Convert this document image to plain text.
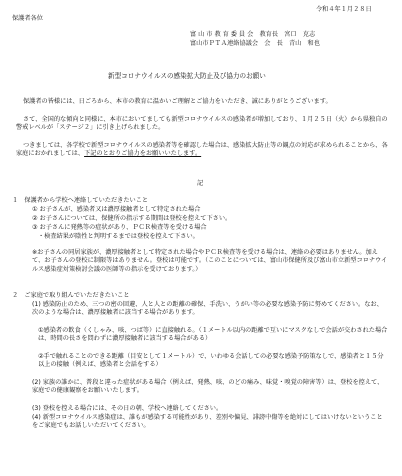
令和４年１月２８日
保護者各位
富 山 市 教 育 委 員 会　教育長　宮口　克志
富山市ＰＴＡ連絡協議会　会　長　青山　和也
新型コロナウイルスの感染拡大防止及び協力のお願い
保護者の皆様には、日ごろから、本市の教育に温かいご理解とご協力をいただき、誠にありがとうございます。
さて、全国的な傾向と同様に、本市においてましても新型コロナウイルスの感染者が増加しており、１月２５日（火）から県独自の警戒レベルが「ステージ２」に引き上げられました。
つきましては、各学校で新型コロナウイルスの感染者等を確認した場合は、感染拡大防止等の観点の対応が求められることから、各家庭におかれましては、下記のとおりご協力をお願いいたします。
記
１　保護者から学校へ連絡していただきたいこと
① お子さんが、感染者又は濃厚接触者として特定された場合
② お子さんについては、保健所の指示する期間は登校を控えて下さい。
③ お子さんに発熱等の症状があり、ＰＣＲ検査等を受ける場合
・検査結果が陰性と判明するまでは登校を控えて下さい。
※お子さんの同居家族が、濃厚接触者として特定された場合やＰＣＲ検査等を受ける場合は、連絡の必要はありません。加えて、お子さんの登校に制限等はありません。登校は可能です。（このことについては、富山市保健所及び富山市立新型コロナウイルス感染症対策検討会議の医師等の指示を受けております。）
２　ご家庭で取り組んでいただきたいこと
(1) 感染防止のため、三つの密の回避、人と人との距離の確保、手洗い、うがい等の必要な感染予防に努めてください。なお、次のような場合は、濃厚接触者に該当する場合があります。
①感染者の飲食（くしゃみ、咳、つば等）に直接触れる。（１メートル以内の距離で互いにマスクなしで会話が交わされた場合は、時間の長さを問わずに濃厚接触者に該当する場合がある）
②手で触れることのできる距離（目安として１メートル）で、いわゆる会話しての必要な感染予防策なしで、感染者と１５分以上の接触（例えば、感染者と会話をする）
(2) 家族の誰かに、普段と違った症状がある場合（例えば、発熱、咳、のどの痛み、味覚・嗅覚の障害等）は、登校を控えて、家庭での健康観察をお願いいたします。
(3) 登校を控える場合には、その日の朝、学校へ連絡してください。
(4) 新型コロナウイルス感染症は、誰もが感染する可能性があり、差別や偏見、誹謗中傷等を絶対にしてはいけないということをご家庭でもお話しいただいてください。
